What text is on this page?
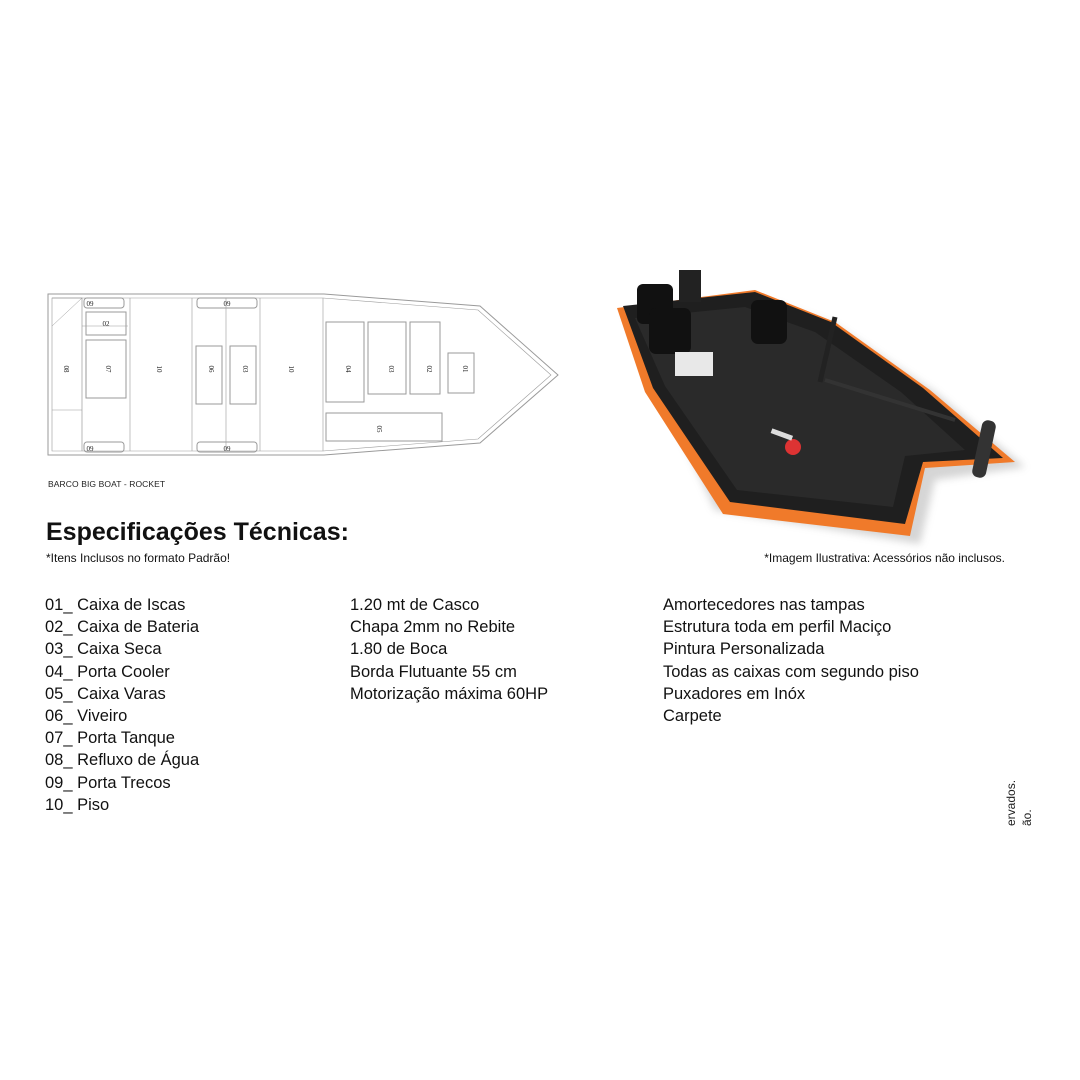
09	09
09	09
02
08	07	10	06	03	10	04	03	02	01
05
BARCO BIG BOAT - ROCKET
Especificações Técnicas:
*Itens Inclusos no formato Padrão!	*Imagem Ilustrativa: Acessórios não inclusos.
01_ Caixa de Iscas
02_ Caixa de Bateria
03_ Caixa Seca
04_ Porta Cooler
05_ Caixa Varas
06_ Viveiro
07_ Porta Tanque
08_ Refluxo de Água
09_ Porta Trecos
10_ Piso
1.20 mt de Casco
Chapa 2mm no Rebite
1.80 de Boca
Borda Flutuante 55 cm
Motorização máxima 60HP
Amortecedores nas tampas
Estrutura toda em perfil Maciço
Pintura Personalizada
Todas as caixas com segundo piso
Puxadores em Inóx
Carpete
ervados. ão.
